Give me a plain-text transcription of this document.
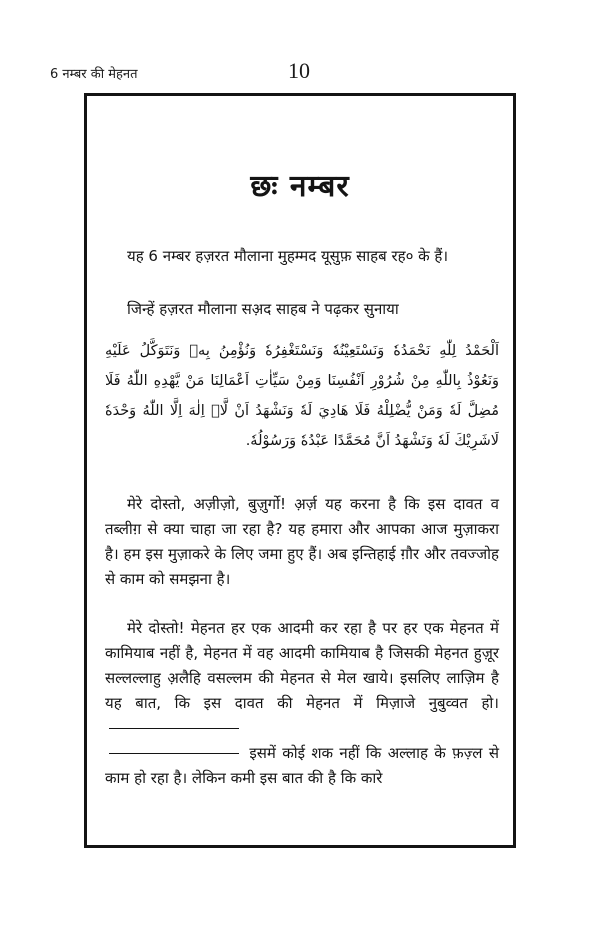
6 नम्बर की मेहनत	10
छः नम्बर

यह 6 नम्बर हज़रत मौलाना मुहम्मद यूसुफ़ साहब रह० के हैं।

जिन्हें हज़रत मौलाना सअ़द साहब ने पढ़कर सुनाया

اَلْحَمْدُ لِلّٰهِ نَحْمَدُهٗ وَنَسْتَعِيْنُهٗ وَنَسْتَغْفِرُهٗ وَنُؤْمِنُ بِهٖ وَنَتَوَكَّلُ عَلَيْهِ وَنَعُوْذُ بِاللّٰهِ مِنْ شُرُوْرِ اَنْفُسِنَا وَمِنْ سَيِّاٰتِ اَعْمَالِنَا مَنْ يَّهْدِهِ اللّٰهُ فَلَا مُضِلَّ لَهٗ وَمَنْ يُّضْلِلْهُ فَلَا هَادِيَ لَهٗ وَنَشْهَدُ اَنْ لَّاۤ اِلٰهَ اِلَّا اللّٰهُ وَحْدَهٗ لَاشَرِيْكَ لَهٗ وَنَشْهَدُ اَنَّ مُحَمَّدًا عَبْدُهٗ وَرَسُوْلُهٗ.

मेरे दोस्तो, अज़ीज़ो, बुज़ुर्गो! अ़र्ज़ यह करना है कि इस दावत व तब्लीग़ से क्या चाहा जा रहा है? यह हमारा और आपका आज मुज़ाकरा है। हम इस मुज़ाकरे के लिए जमा हुए हैं। अब इन्तिहाई ग़ौर और तवज्जोह से काम को समझना है।

मेरे दोस्तो! मेहनत हर एक आदमी कर रहा है पर हर एक मेहनत में कामियाब नहीं है, मेहनत में वह आदमी कामियाब है जिसकी मेहनत हुज़ूर सल्लल्लाहु अ़लैहि वसल्लम की मेहनत से मेल खाये। इसलिए लाज़िम है यह बात, कि इस दावत की मेहनत में मिज़ाजे नुबुव्वत हो।

इसमें कोई शक नहीं कि अल्लाह के फ़ज़्ल से काम हो रहा है। लेकिन कमी इस बात की है कि कारे
